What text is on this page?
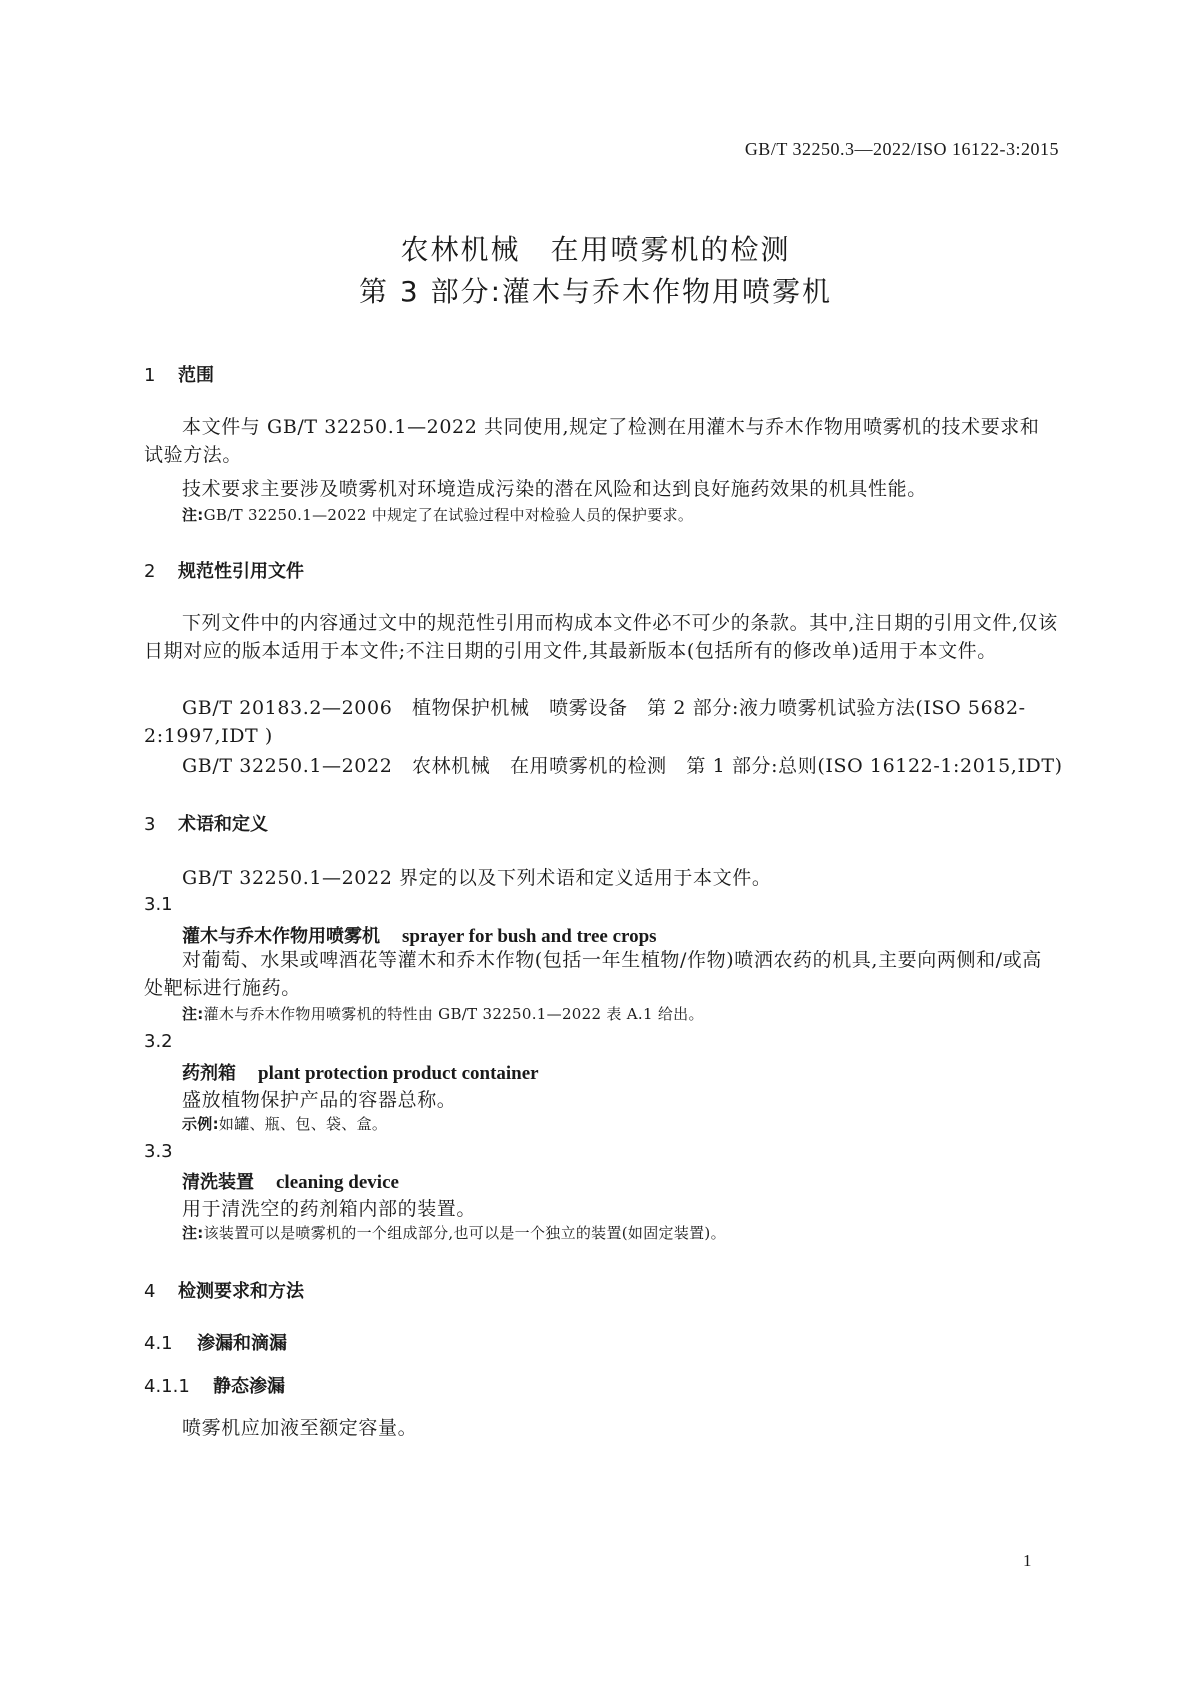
GB/T 32250.3—2022/ISO 16122-3:2015
农林机械　在用喷雾机的检测
第 3 部分:灌木与乔木作物用喷雾机
1 范围
本文件与 GB/T 32250.1—2022 共同使用,规定了检测在用灌木与乔木作物用喷雾机的技术要求和试验方法。
技术要求主要涉及喷雾机对环境造成污染的潜在风险和达到良好施药效果的机具性能。
注:GB/T 32250.1—2022 中规定了在试验过程中对检验人员的保护要求。
2 规范性引用文件
下列文件中的内容通过文中的规范性引用而构成本文件必不可少的条款。其中,注日期的引用文件,仅该日期对应的版本适用于本文件;不注日期的引用文件,其最新版本(包括所有的修改单)适用于本文件。
GB/T 20183.2—2006　植物保护机械　喷雾设备　第 2 部分:液力喷雾机试验方法(ISO 5682-2:1997,IDT )
GB/T 32250.1—2022　农林机械　在用喷雾机的检测　第 1 部分:总则(ISO 16122-1:2015,IDT)
3 术语和定义
GB/T 32250.1—2022 界定的以及下列术语和定义适用于本文件。
3.1
灌木与乔木作物用喷雾机 sprayer for bush and tree crops
对葡萄、水果或啤酒花等灌木和乔木作物(包括一年生植物/作物)喷洒农药的机具,主要向两侧和/或高处靶标进行施药。
注:灌木与乔木作物用喷雾机的特性由 GB/T 32250.1—2022 表 A.1 给出。
3.2
药剂箱 plant protection product container
盛放植物保护产品的容器总称。
示例:如罐、瓶、包、袋、盒。
3.3
清洗装置 cleaning device
用于清洗空的药剂箱内部的装置。
注:该装置可以是喷雾机的一个组成部分,也可以是一个独立的装置(如固定装置)。
4 检测要求和方法
4.1 渗漏和滴漏
4.1.1 静态渗漏
喷雾机应加液至额定容量。
1
